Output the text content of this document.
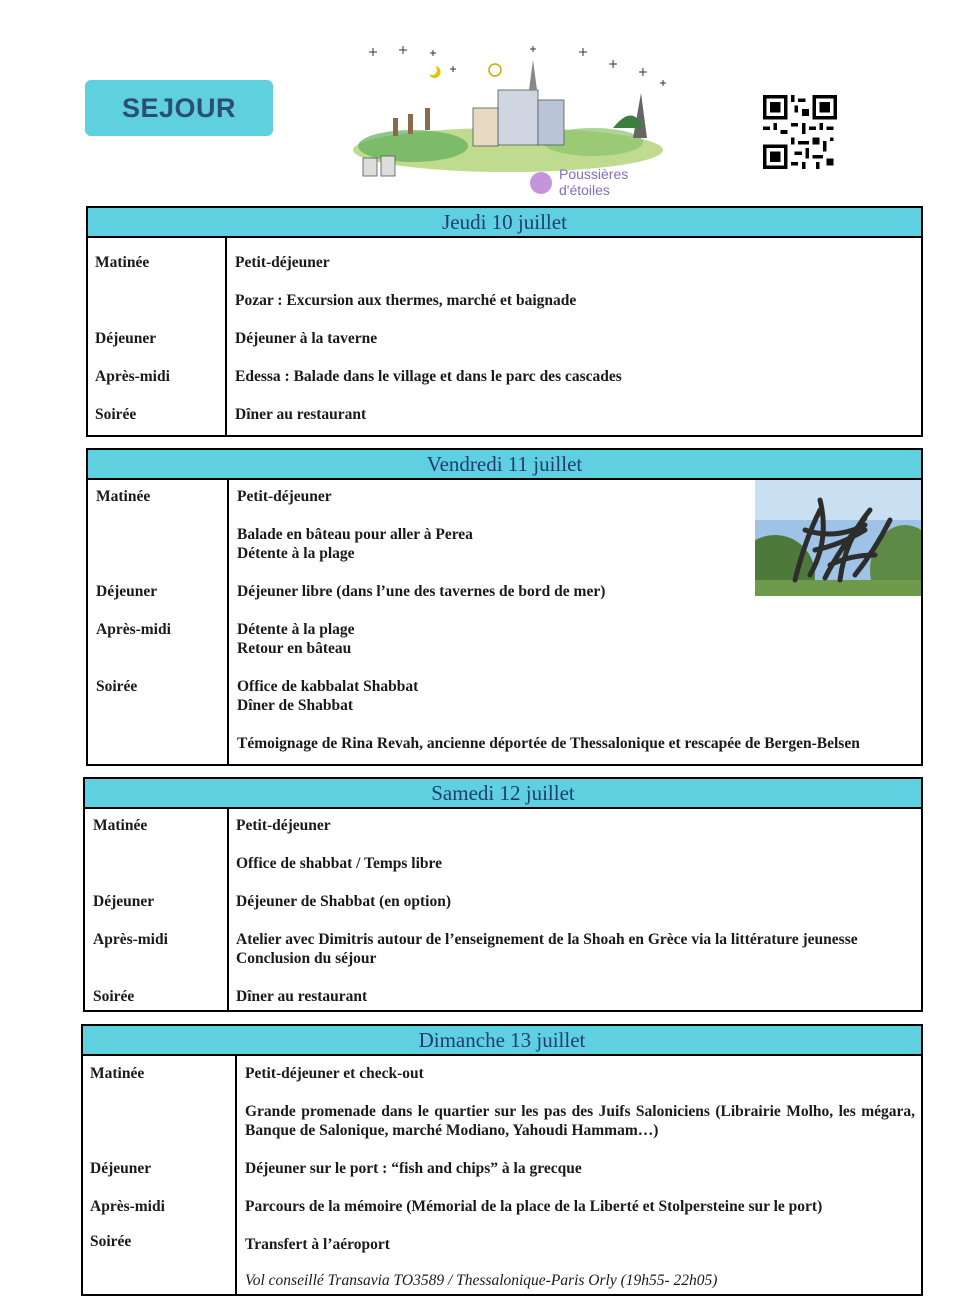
SEJOUR
Poussières
d'étoiles
Jeudi 10 juillet
Matinée
Déjeuner
Après-midi
Soirée
Petit-déjeuner
Pozar : Excursion aux thermes, marché et baignade
Déjeuner à la taverne
Edessa : Balade dans le village et dans le parc des cascades
Dîner au restaurant
Vendredi 11 juillet
Matinée
Déjeuner
Après-midi
Soirée
Petit-déjeuner
Balade en bâteau pour aller à Perea
Détente à la plage
Déjeuner libre (dans l’une des tavernes de bord de mer)
Détente à la plage
Retour en bâteau
Office de kabbalat Shabbat
Dîner de Shabbat
Témoignage de Rina Revah, ancienne déportée de Thessalonique et rescapée de Bergen-Belsen
Samedi 12 juillet
Matinée
Déjeuner
Après-midi
Soirée
Petit-déjeuner
Office de shabbat / Temps libre
Déjeuner de Shabbat (en option)
Atelier avec Dimitris autour de l’enseignement de la Shoah en Grèce via la littérature jeunesse
Conclusion du séjour
Dîner au restaurant
Dimanche 13 juillet
Matinée
Déjeuner
Après-midi
Soirée
Petit-déjeuner et check-out
Grande promenade dans le quartier sur les pas des Juifs Saloniciens (Librairie Molho, les mégara, Banque de Salonique, marché Modiano, Yahoudi Hammam…)
Déjeuner sur le port : “fish and chips” à la grecque
Parcours de la mémoire (Mémorial de la place de la Liberté et Stolpersteine sur le port)
Transfert à l’aéroport
Vol conseillé Transavia TO3589 / Thessalonique-Paris Orly (19h55- 22h05)
